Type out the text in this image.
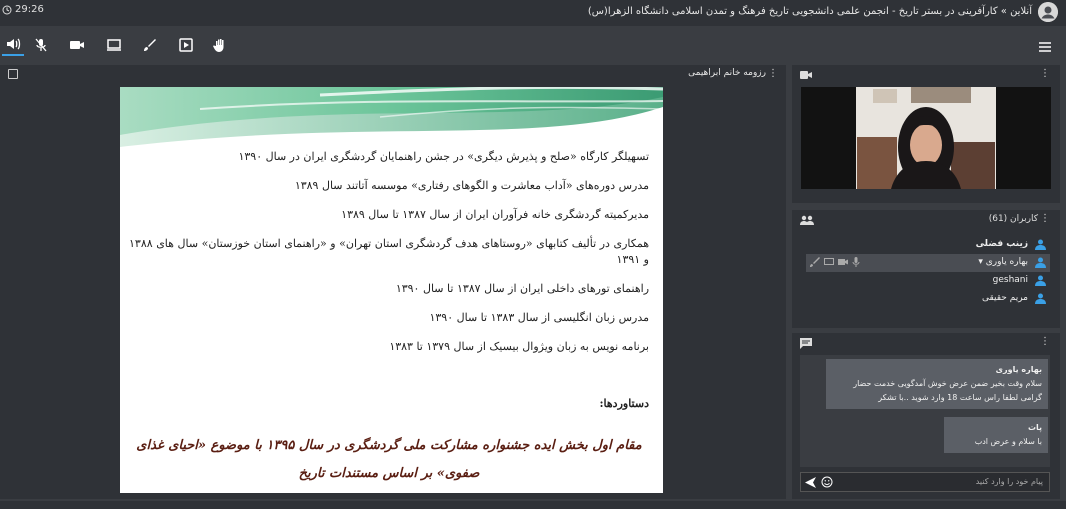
29:26	آنلاین » کارآفرینی در بستر تاریخ - انجمن علمی دانشجویی تاریخ فرهنگ و تمدن اسلامی دانشگاه الزهرا(س)
⋮
رزومه خانم ابراهیمی

تسهیلگر کارگاه «صلح و پذیرش دیگری» در جشن راهنمایان گردشگری ایران در سال ۱۳۹۰

مدرس دوره‌های «آداب معاشرت و الگوهای رفتاری» موسسه آتاتند سال ۱۳۸۹

مدیرکمیته گردشگری خانه فرآوران ایران از سال ۱۳۸۷ تا سال ۱۳۸۹

همکاری در تألیف کتابهای «روستاهای هدف گردشگری استان تهران» و «راهنمای استان خوزستان» سال های ۱۳۸۸ و ۱۳۹۱

راهنمای تورهای داخلی ایران از سال ۱۳۸۷ تا سال ۱۳۹۰

مدرس زبان انگلیسی از سال ۱۳۸۳ تا سال ۱۳۹۰

برنامه نویس به زبان ویژوال بیسیک از سال ۱۳۷۹ تا ۱۳۸۳

دستاوردها:
مقام اول بخش ایده جشنواره مشارکت ملی گردشگری در سال ۱۳۹۵ با موضوع «احیای غذای صفوی» بر اساس مستندات تاریخ
⋮
کاربران (61) ⋮
زینب فضلی
بهاره یاوری ▾
geshani
مریم حقیقی
⋮
بهاره یاوری
سلام وقت بخیر ضمن عرض خوش آمدگویی خدمت حضار گرامی لطفا راس ساعت 18 وارد شوید ..با تشکر
پات
با سلام و عرض ادب
پیام خود را وارد کنید
